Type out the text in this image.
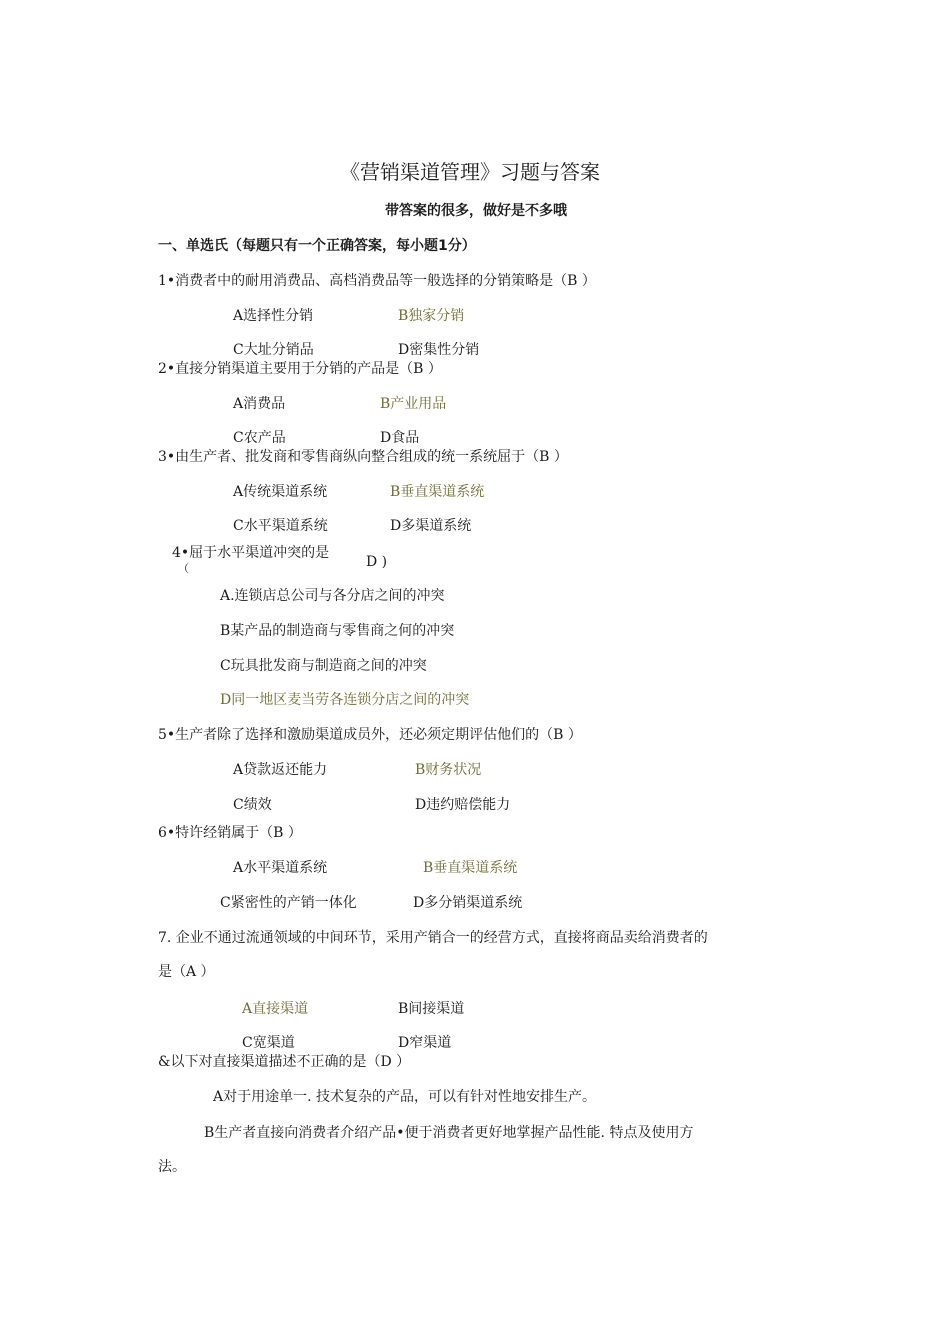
《营销渠道管理》习题与答案
带答案的很多，做好是不多哦
一、单选氏（每题只有一个正确答案，每小题1分）
1•消费者中的耐用消费品、高档消费品等一般选择的分销策略是（B ）
A选择性分销	B独家分销
C大址分销品	D密集性分销
2•直接分销渠道主要用于分销的产品是（B ）
A消费品	B产业用品
C农产品	D食品
3•由生产者、批发商和零售商纵向整合组成的统一系统屈于（B ）
A传统渠道系统	B垂直渠道系统
C水平渠道系统	D多渠道系统
4•屈于水平渠道冲突的是
（	D )
A.连锁店总公司与各分店之间的冲突
B某产品的制造商与零售商之何的冲突
C玩具批发商与制造商之间的冲突
D同一地区麦当劳各连锁分店之间的冲突
5•生产者除了选择和激励渠道成员外，还必须定期评估他们的（B ）
A贷款返还能力	B财务状况
C绩效	D违约赔偿能力
6•特许经销属于（B ）
A水平渠道系统	B垂直渠道系统
C紧密性的产销一体化	D多分销渠道系统
7. 企业不通过流通领域的中间环节，采用产销合一的经营方式，直接将商品卖给消费者的
是（A ）
A直接渠道	B间接渠道
C宽渠道	D窄渠道
&以下对直接渠道描述不正确的是（D ）
A对于用途单一. 技术复杂的产品，可以有针对性地安排生产。
B生产者直接向消费者介绍产品•便于消费者更好地掌握产品性能. 特点及使用方
法。
